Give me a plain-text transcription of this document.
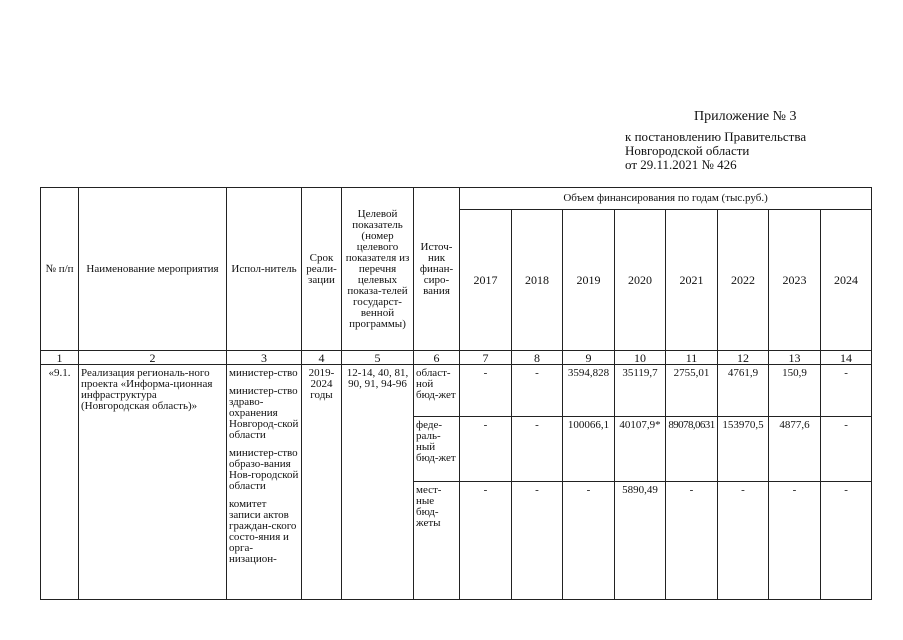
Приложение № 3
к постановлению Правительства
Новгородской области
от 29.11.2021 № 426
№ п/п	Наименование мероприятия	Испол-нитель	Срок реали-зации	Целевой показатель (номер целевого показателя из перечня целевых показа-телей государст-венной программы)	Источ-ник финан-сиро-вания	Объем финансирования по годам (тыс.руб.)							
						2017	2018	2019	2020	2021	2022	2023	2024
1	2	3	4	5	6	7	8	9	10	11	12	13	14
«9.1.	Реализация региональ-ного проекта «Информа-ционная инфраструктура (Новгородская область)»	министер-ство
министер-ство здраво-охранения Новгород-ской области
министер-ство образо-вания Нов-городской области
комитет записи актов граждан-ского состо-яния и орга-низацион-	2019-2024 годы	12-14, 40, 81, 90, 91, 94-96	област-ной бюд-жет	-	-	3594,828	35119,7	2755,01	4761,9	150,9	-
					феде-раль-ный бюд-жет	-	-	100066,1	40107,9*	89078,0631	153970,5	4877,6	-
					мест-ные бюд-жеты	-	-	-	5890,49	-	-	-	-
